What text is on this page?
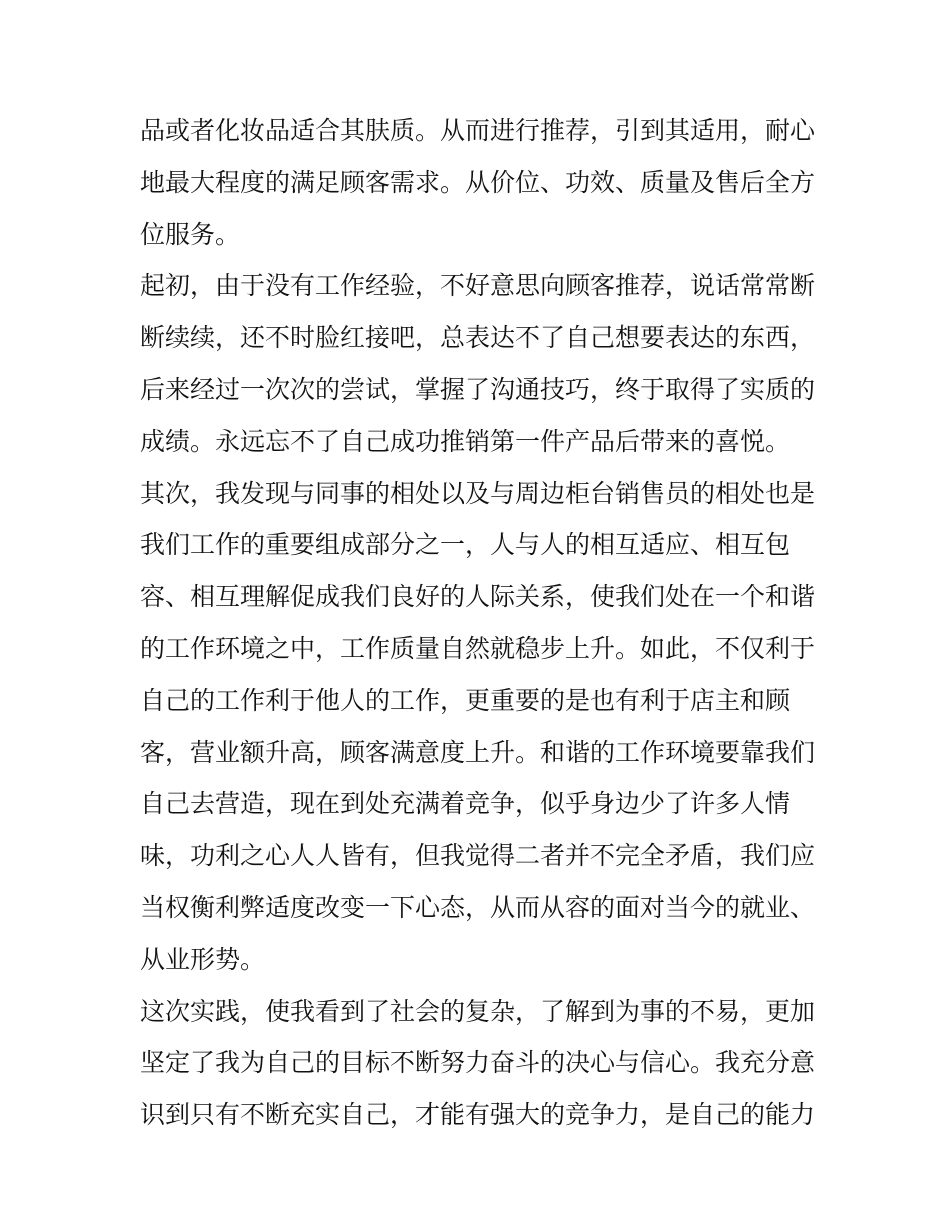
品或者化妆品适合其肤质。从而进行推荐，引到其适用，耐心
地最大程度的满足顾客需求。从价位、功效、质量及售后全方
位服务。
起初，由于没有工作经验，不好意思向顾客推荐，说话常常断
断续续，还不时脸红接吧，总表达不了自己想要表达的东西，
后来经过一次次的尝试，掌握了沟通技巧，终于取得了实质的
成绩。永远忘不了自己成功推销第一件产品后带来的喜悦。
其次，我发现与同事的相处以及与周边柜台销售员的相处也是
我们工作的重要组成部分之一，人与人的相互适应、相互包
容、相互理解促成我们良好的人际关系，使我们处在一个和谐
的工作环境之中，工作质量自然就稳步上升。如此，不仅利于
自己的工作利于他人的工作，更重要的是也有利于店主和顾
客，营业额升高，顾客满意度上升。和谐的工作环境要靠我们
自己去营造，现在到处充满着竞争，似乎身边少了许多人情
味，功利之心人人皆有，但我觉得二者并不完全矛盾，我们应
当权衡利弊适度改变一下心态，从而从容的面对当今的就业、
从业形势。
这次实践，使我看到了社会的复杂，了解到为事的不易，更加
坚定了我为自己的目标不断努力奋斗的决心与信心。我充分意
识到只有不断充实自己，才能有强大的竞争力，是自己的能力
